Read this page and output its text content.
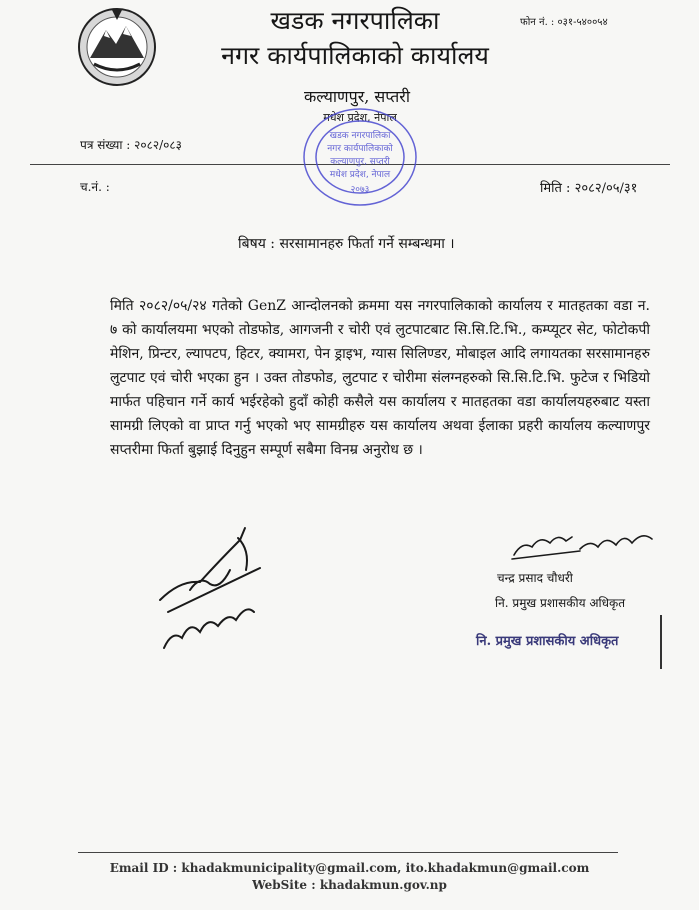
खडक नगरपालिका
नगर कार्यपालिकाको कार्यालय
कल्याणपुर, सप्तरी
मधेश प्रदेश, नेपाल
फोन नं. : ०३१-५४००५४
पत्र संख्या : २०८२/०८३
च.नं. :	मिति : २०८२/०५/३१
खडक नगरपालिका
नगर कार्यपालिकाको
कल्याणपुर, सप्तरी
मधेश प्रदेश, नेपाल
२०७३
बिषय : सरसामानहरु फिर्ता गर्ने सम्बन्धमा ।
मिति २०८२/०५/२४ गतेको GenZ आन्दोलनको क्रममा यस नगरपालिकाको कार्यालय र मातहतका वडा न. ७ को कार्यालयमा भएको तोडफोड, आगजनी र चोरी एवं लुटपाटबाट सि.सि.टि.भि., कम्प्यूटर सेट, फोटोकपी मेशिन, प्रिन्टर, ल्यापटप, हिटर, क्यामरा, पेन ड्राइभ, ग्यास सिलिण्डर, मोबाइल आदि लगायतका सरसामानहरु लुटपाट एवं चोरी भएका हुन । उक्त तोडफोड, लुटपाट र चोरीमा संलग्नहरुको सि.सि.टि.भि. फुटेज र भिडियो मार्फत पहिचान गर्ने कार्य भईरहेको हुदाँ कोही कसैले यस कार्यालय र मातहतका वडा कार्यालयहरुबाट यस्ता सामग्री लिएको वा प्राप्त गर्नु भएको भए सामग्रीहरु यस कार्यालय अथवा ईलाका प्रहरी कार्यालय कल्याणपुर सप्तरीमा फिर्ता बुझाई दिनुहुन सम्पूर्ण सबैमा विनम्र अनुरोध छ ।
चन्द्र प्रसाद चौधरी
नि. प्रमुख प्रशासकीय अधिकृत
नि. प्रमुख प्रशासकीय अधिकृत
Email ID : khadakmunicipality@gmail.com, ito.khadakmun@gmail.com
WebSite : khadakmun.gov.np
